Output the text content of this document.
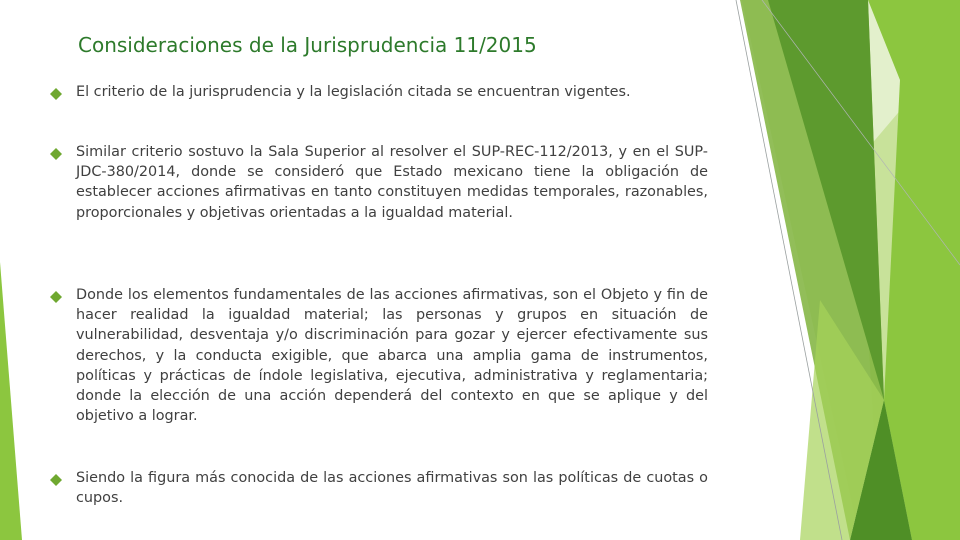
Consideraciones de la Jurisprudencia 11/2015
El criterio de la jurisprudencia y la legislación citada se encuentran vigentes.
Similar criterio sostuvo la Sala Superior al resolver el SUP-REC-112/2013, y en el SUP-JDC-380/2014, donde se consideró que Estado mexicano tiene la obligación de establecer acciones afirmativas en tanto constituyen medidas temporales, razonables, proporcionales y objetivas orientadas a la igualdad material.
Donde los elementos fundamentales de las acciones afirmativas, son el Objeto y fin de hacer realidad la igualdad material; las personas y grupos en situación de vulnerabilidad, desventaja y/o discriminación para gozar y ejercer efectivamente sus derechos, y la conducta exigible, que abarca una amplia gama de instrumentos, políticas y prácticas de índole legislativa, ejecutiva, administrativa y reglamentaria; donde la elección de una acción dependerá del contexto en que se aplique y del objetivo a lograr.
Siendo la figura más conocida de las acciones afirmativas son las políticas de cuotas o cupos.
